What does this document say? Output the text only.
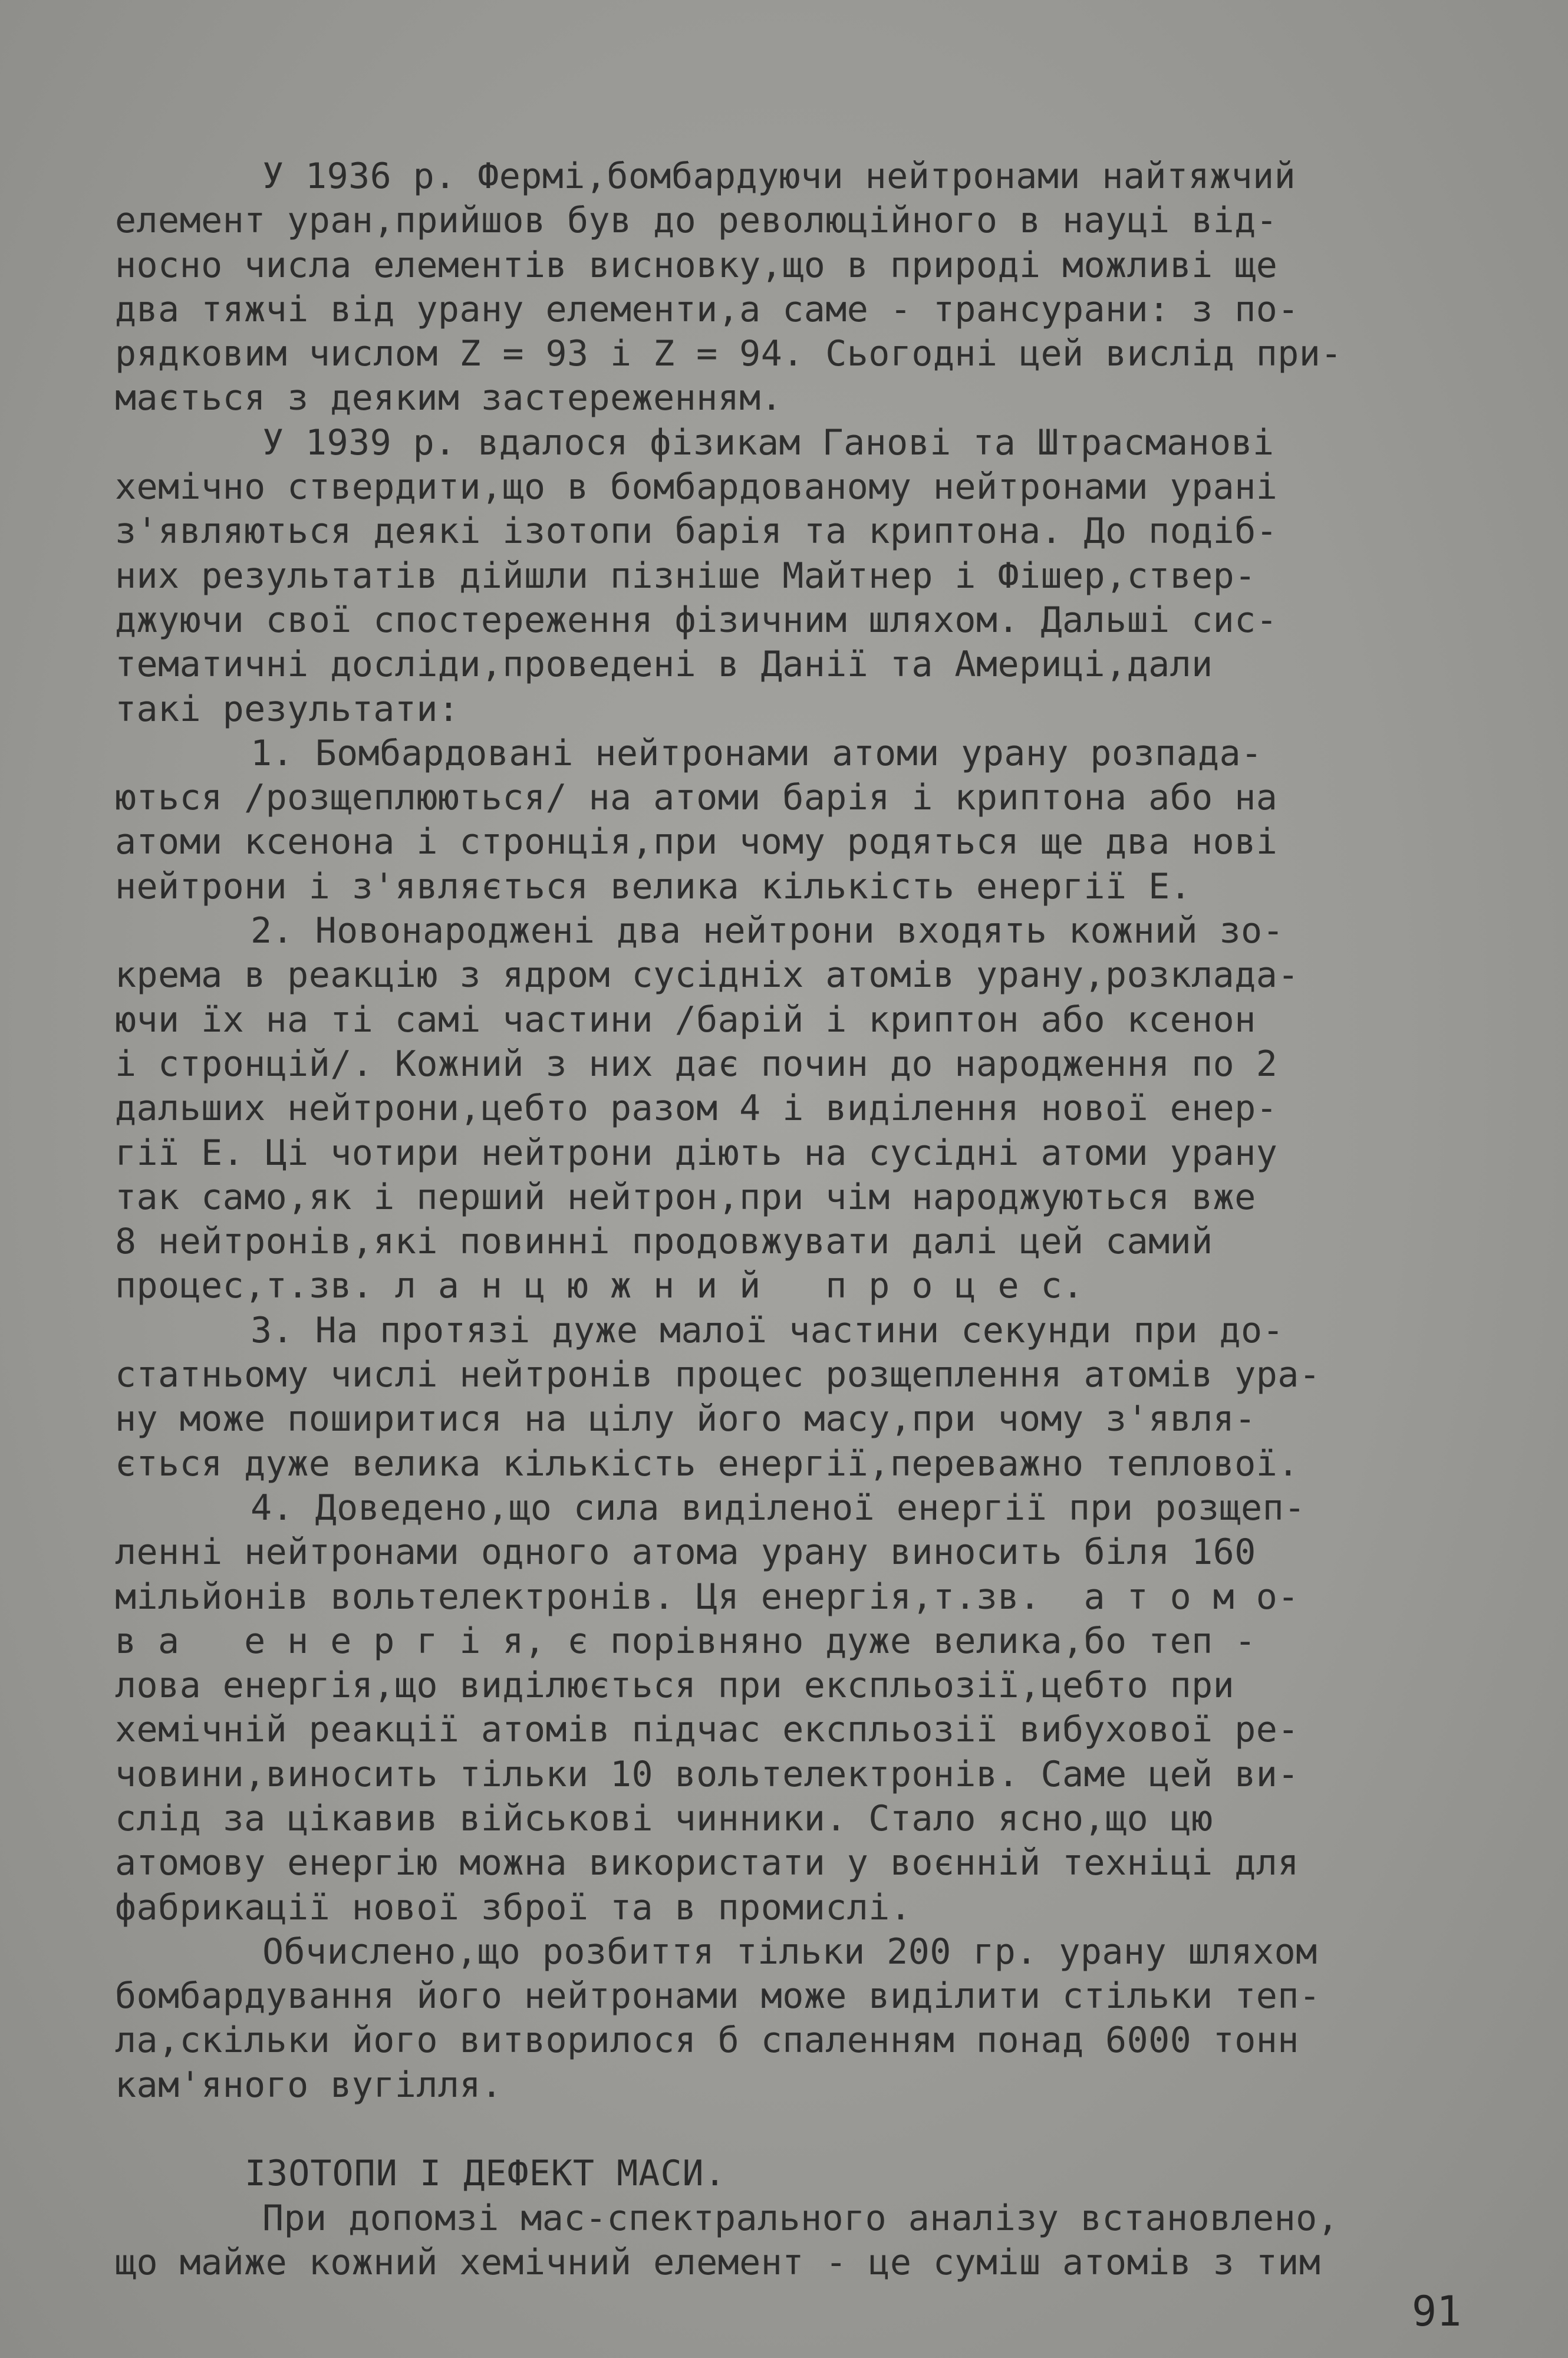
У 1936 р. Фермі,бомбардуючи нейтронами найтяжчий
елемент уран,прийшов був до революційного в науці від-
носно числа елементів висновку,що в природі можливі ще
два тяжчі від урану елементи,а саме - трансурани: з по-
рядковим числом Z = 93 і Z = 94. Сьогодні цей вислід при-
мається з деяким застереженням.
У 1939 р. вдалося фізикам Ганові та Штрасманові
хемічно ствердити,що в бомбардованому нейтронами урані
з'являються деякі ізотопи барія та криптона. До подіб-
них результатів дійшли пізніше Майтнер і Фішер,ствер-
джуючи свої спостереження фізичним шляхом. Дальші сис-
тематичні досліди,проведені в Данії та Америці,дали
такі результати:
1. Бомбардовані нейтронами атоми урану розпада-
ються /розщеплюються/ на атоми барія і криптона або на
атоми ксенона і стронція,при чому родяться ще два нові
нейтрони і з'являється велика кількість енергії Е.
2. Новонароджені два нейтрони входять кожний зо-
крема в реакцію з ядром сусідніх атомів урану,розклада-
ючи їх на ті самі частини /барій і криптон або ксенон
і стронцій/. Кожний з них дає почин до народження по 2
дальших нейтрони,цебто разом 4 і виділення нової енер-
гії Е. Ці чотири нейтрони діють на сусідні атоми урану
так само,як і перший нейтрон,при чім народжуються вже
8 нейтронів,які повинні продовжувати далі цей самий
процес,т.зв. л а н ц ю ж н и й   п р о ц е с.
3. На протязі дуже малої частини секунди при до-
статньому числі нейтронів процес розщеплення атомів ура-
ну може поширитися на цілу його масу,при чому з'явля-
ється дуже велика кількість енергії,переважно теплової.
4. Доведено,що сила виділеної енергії при розщеп-
ленні нейтронами одного атома урану виносить біля 160
мільйонів вольтелектронів. Ця енергія,т.зв.  а т о м о-
в а   е н е р г і я, є порівняно дуже велика,бо теп -
лова енергія,що виділюється при експльозії,цебто при
хемічній реакції атомів підчас експльозії вибухової ре-
човини,виносить тільки 10 вольтелектронів. Саме цей ви-
слід за цікавив військові чинники. Стало ясно,що цю
атомову енергію можна використати у воєнній техніці для
фабрикації нової зброї та в промислі.
Обчислено,що розбиття тільки 200 гр. урану шляхом
бомбардування його нейтронами може виділити стільки теп-
ла,скільки його витворилося б спаленням понад 6000 тонн
кам'яного вугілля.
ІЗОТОПИ І ДЕФЕКТ МАСИ.
При допомзі мас-спектрального аналізу встановлено,
що майже кожний хемічний елемент - це суміш атомів з тим
91
